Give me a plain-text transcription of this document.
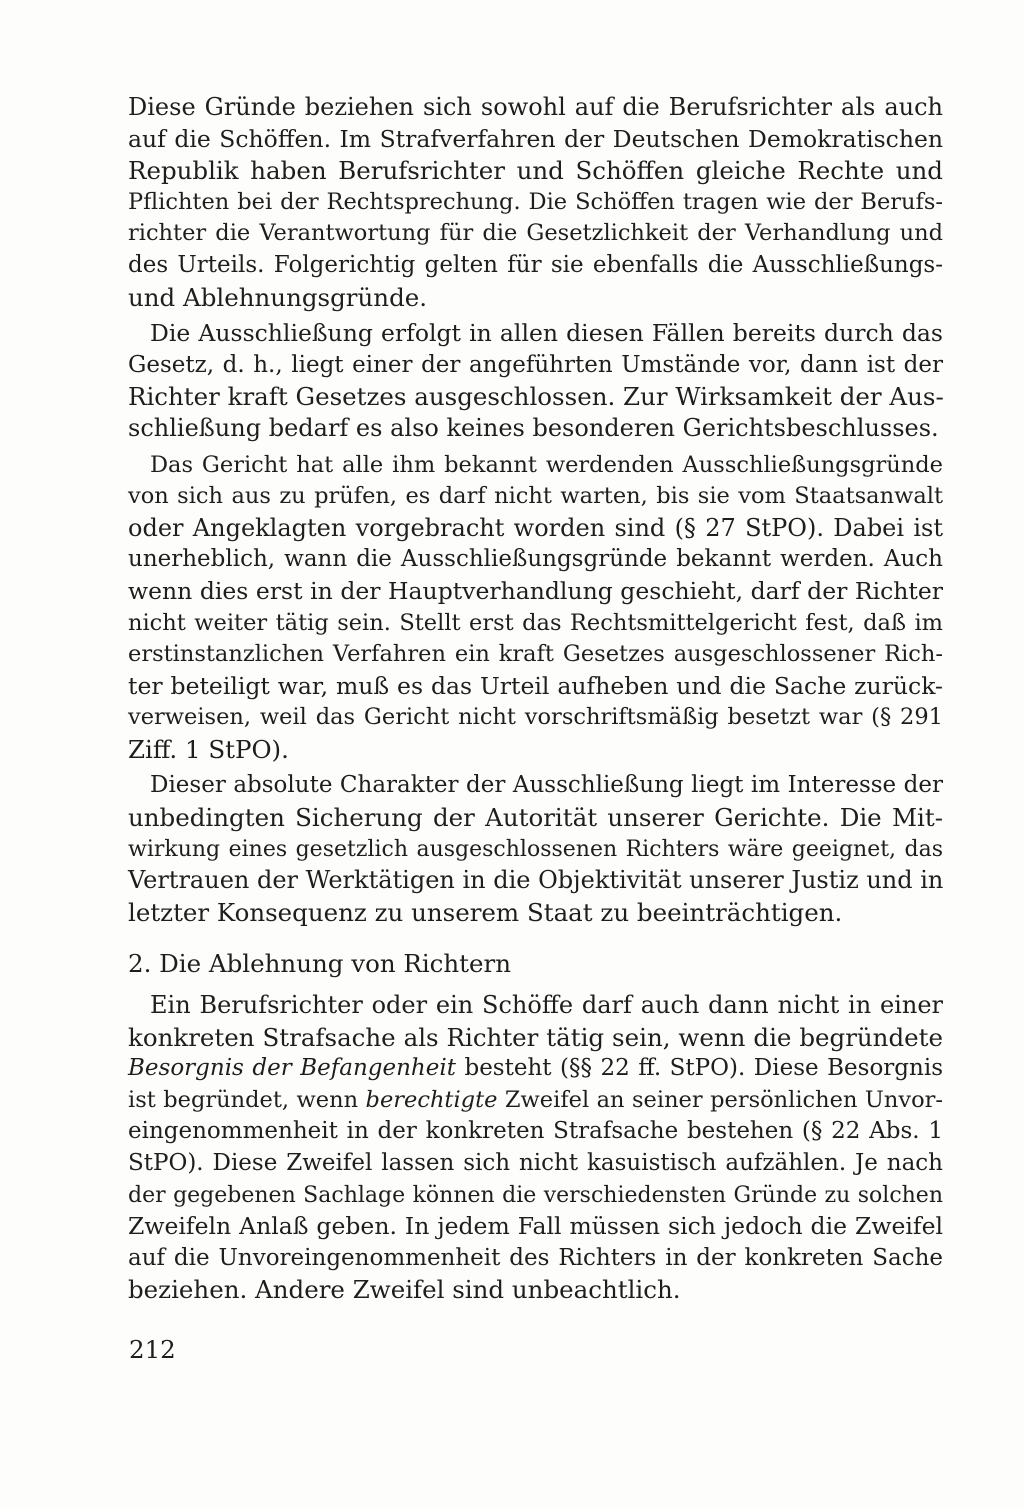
Diese Gründe beziehen sich sowohl auf die Berufsrichter als auch
auf die Schöffen. Im Strafverfahren der Deutschen Demokratischen
Republik haben Berufsrichter und Schöffen gleiche Rechte und
Pflichten bei der Rechtsprechung. Die Schöffen tragen wie der Berufs-
richter die Verantwortung für die Gesetzlichkeit der Verhandlung und
des Urteils. Folgerichtig gelten für sie ebenfalls die Ausschließungs-
und Ablehnungsgründe.
Die Ausschließung erfolgt in allen diesen Fällen bereits durch das
Gesetz, d. h., liegt einer der angeführten Umstände vor, dann ist der
Richter kraft Gesetzes ausgeschlossen. Zur Wirksamkeit der Aus-
schließung bedarf es also keines besonderen Gerichtsbeschlusses.
Das Gericht hat alle ihm bekannt werdenden Ausschließungsgründe
von sich aus zu prüfen, es darf nicht warten, bis sie vom Staatsanwalt
oder Angeklagten vorgebracht worden sind (§ 27 StPO). Dabei ist
unerheblich, wann die Ausschließungsgründe bekannt werden. Auch
wenn dies erst in der Hauptverhandlung geschieht, darf der Richter
nicht weiter tätig sein. Stellt erst das Rechtsmittelgericht fest, daß im
erstinstanzlichen Verfahren ein kraft Gesetzes ausgeschlossener Rich-
ter beteiligt war, muß es das Urteil aufheben und die Sache zurück-
verweisen, weil das Gericht nicht vorschriftsmäßig besetzt war (§ 291
Ziff. 1 StPO).
Dieser absolute Charakter der Ausschließung liegt im Interesse der
unbedingten Sicherung der Autorität unserer Gerichte. Die Mit-
wirkung eines gesetzlich ausgeschlossenen Richters wäre geeignet, das
Vertrauen der Werktätigen in die Objektivität unserer Justiz und in
letzter Konsequenz zu unserem Staat zu beeinträchtigen.
2. Die Ablehnung von Richtern
Ein Berufsrichter oder ein Schöffe darf auch dann nicht in einer
konkreten Strafsache als Richter tätig sein, wenn die begründete
Besorgnis der Befangenheit besteht (§§ 22 ff. StPO). Diese Besorgnis
ist begründet, wenn berechtigte Zweifel an seiner persönlichen Unvor-
eingenommenheit in der konkreten Strafsache bestehen (§ 22 Abs. 1
StPO). Diese Zweifel lassen sich nicht kasuistisch aufzählen. Je nach
der gegebenen Sachlage können die verschiedensten Gründe zu solchen
Zweifeln Anlaß geben. In jedem Fall müssen sich jedoch die Zweifel
auf die Unvoreingenommenheit des Richters in der konkreten Sache
beziehen. Andere Zweifel sind unbeachtlich.
212
